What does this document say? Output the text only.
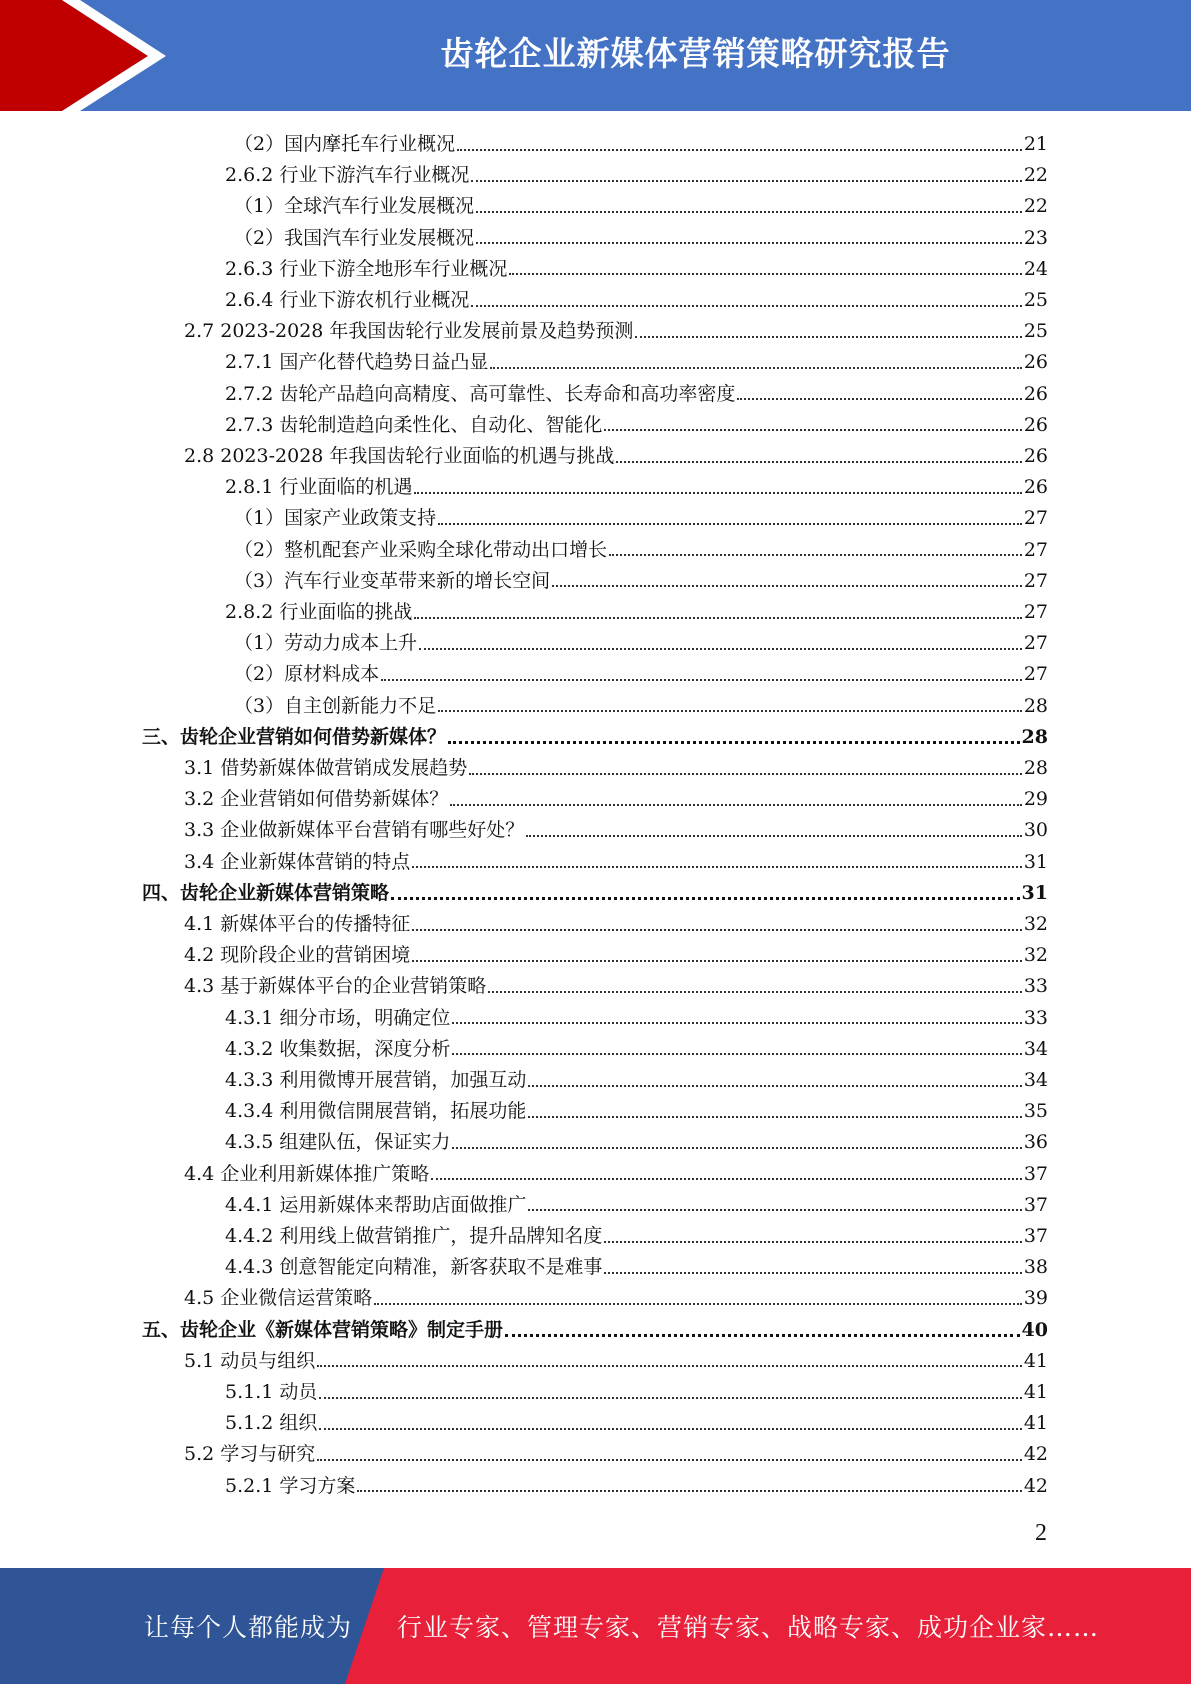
齿轮企业新媒体营销策略研究报告
（2）国内摩托车行业概况	21
2.6.2 行业下游汽车行业概况	22
（1）全球汽车行业发展概况	22
（2）我国汽车行业发展概况	23
2.6.3 行业下游全地形车行业概况	24
2.6.4 行业下游农机行业概况	25
2.7 2023-2028 年我国齿轮行业发展前景及趋势预测	25
2.7.1 国产化替代趋势日益凸显	26
2.7.2 齿轮产品趋向高精度、高可靠性、长寿命和高功率密度	26
2.7.3 齿轮制造趋向柔性化、自动化、智能化	26
2.8 2023-2028 年我国齿轮行业面临的机遇与挑战	26
2.8.1 行业面临的机遇	26
（1）国家产业政策支持	27
（2）整机配套产业采购全球化带动出口增长	27
（3）汽车行业变革带来新的增长空间	27
2.8.2 行业面临的挑战	27
（1）劳动力成本上升	27
（2）原材料成本	27
（3）自主创新能力不足	28
三、齿轮企业营销如何借势新媒体？	28
3.1 借势新媒体做营销成发展趋势	28
3.2 企业营销如何借势新媒体？	29
3.3 企业做新媒体平台营销有哪些好处？	30
3.4 企业新媒体营销的特点	31
四、齿轮企业新媒体营销策略	31
4.1 新媒体平台的传播特征	32
4.2 现阶段企业的营销困境	32
4.3 基于新媒体平台的企业营销策略	33
4.3.1 细分市场，明确定位	33
4.3.2 收集数据，深度分析	34
4.3.3 利用微博开展营销，加强互动	34
4.3.4 利用微信開展营销，拓展功能	35
4.3.5 组建队伍，保证实力	36
4.4 企业利用新媒体推广策略	37
4.4.1 运用新媒体来帮助店面做推广	37
4.4.2 利用线上做营销推广，提升品牌知名度	37
4.4.3 创意智能定向精准，新客获取不是难事	38
4.5 企业微信运营策略	39
五、齿轮企业《新媒体营销策略》制定手册	40
5.1 动员与组织	41
5.1.1 动员	41
5.1.2 组织	41
5.2 学习与研究	42
5.2.1 学习方案	42
2
让每个人都能成为 行业专家、管理专家、营销专家、战略专家、成功企业家……
